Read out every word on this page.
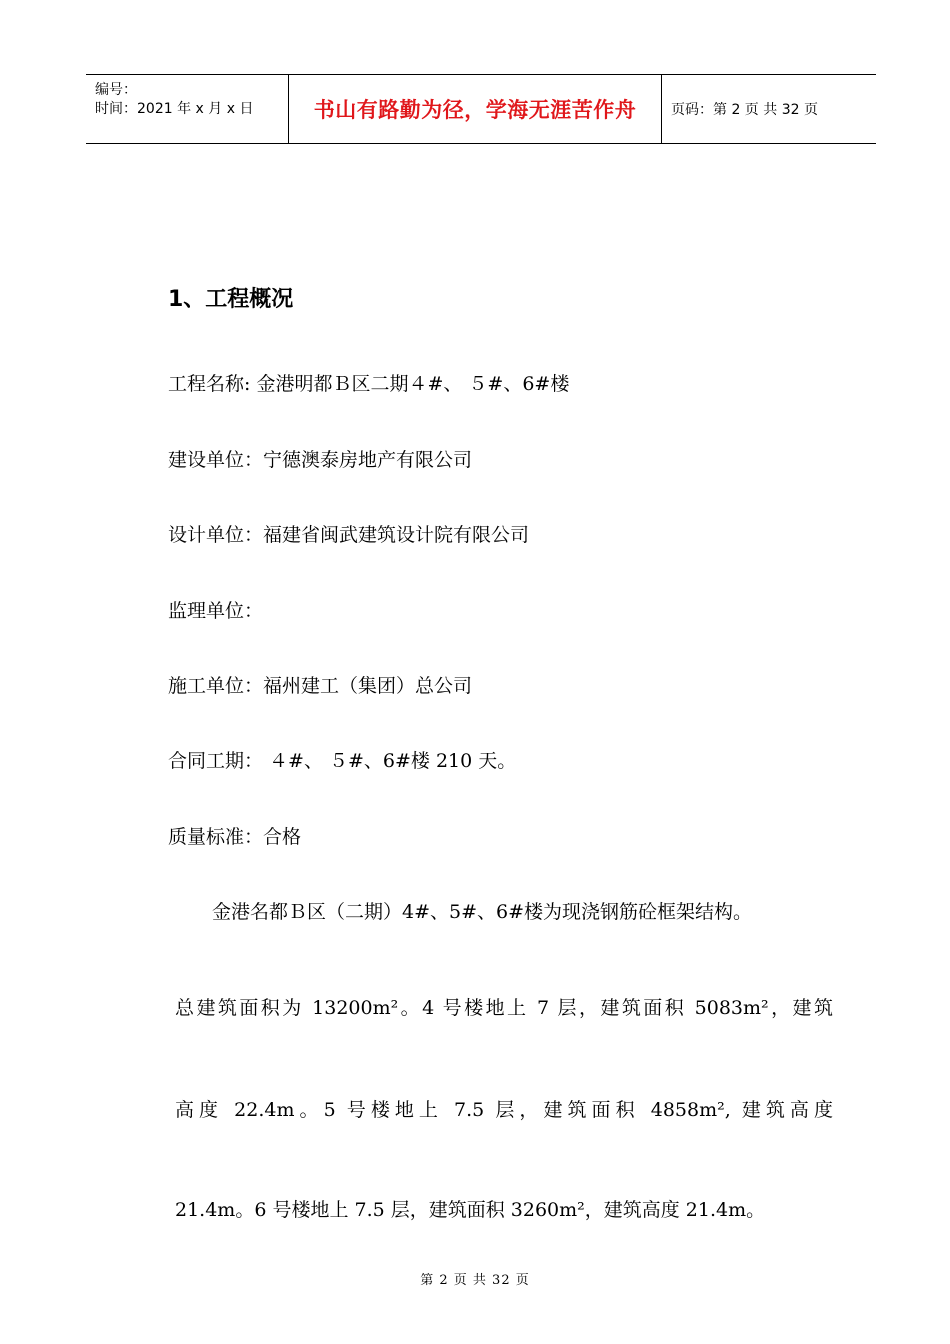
编号：
时间：2021 年 x 月 x 日	书山有路勤为径，学海无涯苦作舟	页码：第 2 页 共 32 页
1、工程概况
工程名称: 金港明都Ｂ区二期４#、 ５#、6#楼
建设单位：宁德澳泰房地产有限公司
设计单位：福建省闽武建筑设计院有限公司
监理单位：
施工单位：福州建工（集团）总公司
合同工期： ４#、 ５#、6#楼 210 天。
质量标准：合格
金港名都Ｂ区（二期）4#、5#、6#楼为现浇钢筋砼框架结构。
总建筑面积为 13200m²。4 号楼地上 7 层，建筑面积 5083m²，建筑
高度 22.4m。5 号楼地上 7.5 层，建筑面积 4858m², 建筑高度
21.4m。6 号楼地上 7.5 层，建筑面积 3260m²，建筑高度 21.4m。
第 2 页 共 32 页
